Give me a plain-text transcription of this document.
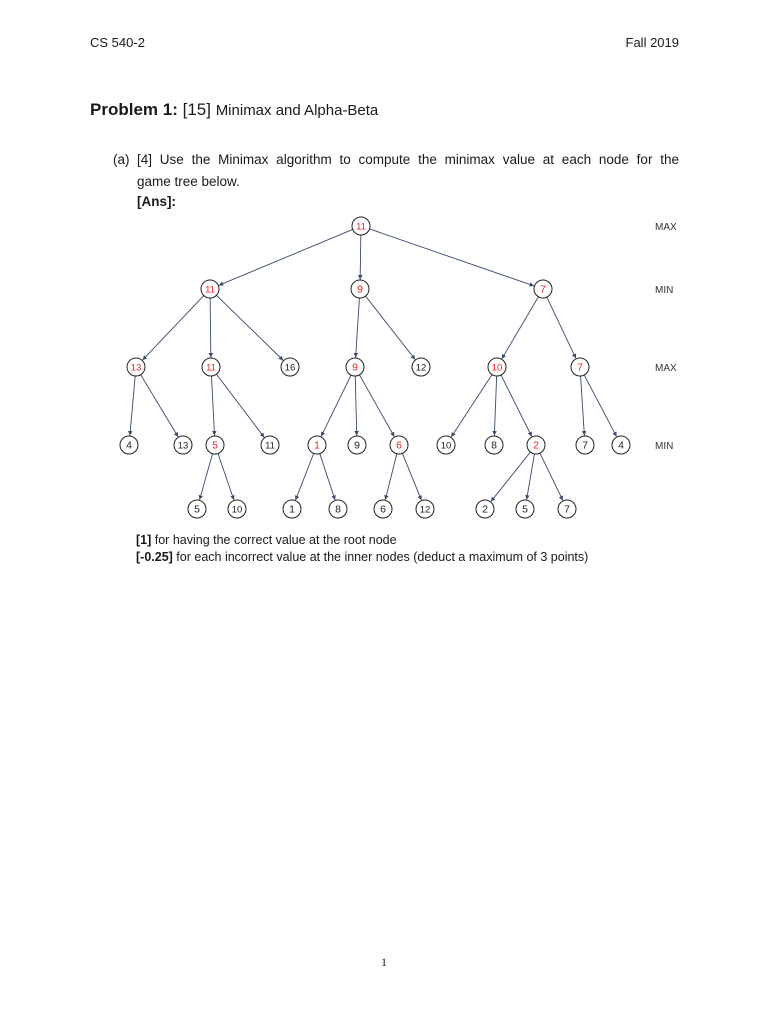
CS 540-2	Fall 2019
Problem 1: [15] Minimax and Alpha-Beta
(a) [4] Use the Minimax algorithm to compute the minimax value at each node for the
game tree below.
[Ans]:
11
11	9	7
13	11	16	9	12	10	7
4	13 5	11	1	9	6	10	8	2	7	4
5	10	1	8	6	12	2	5	7
MAX
MIN
MAX
MIN
[1] for having the correct value at the root node
[-0.25] for each incorrect value at the inner nodes (deduct a maximum of 3 points)
1
